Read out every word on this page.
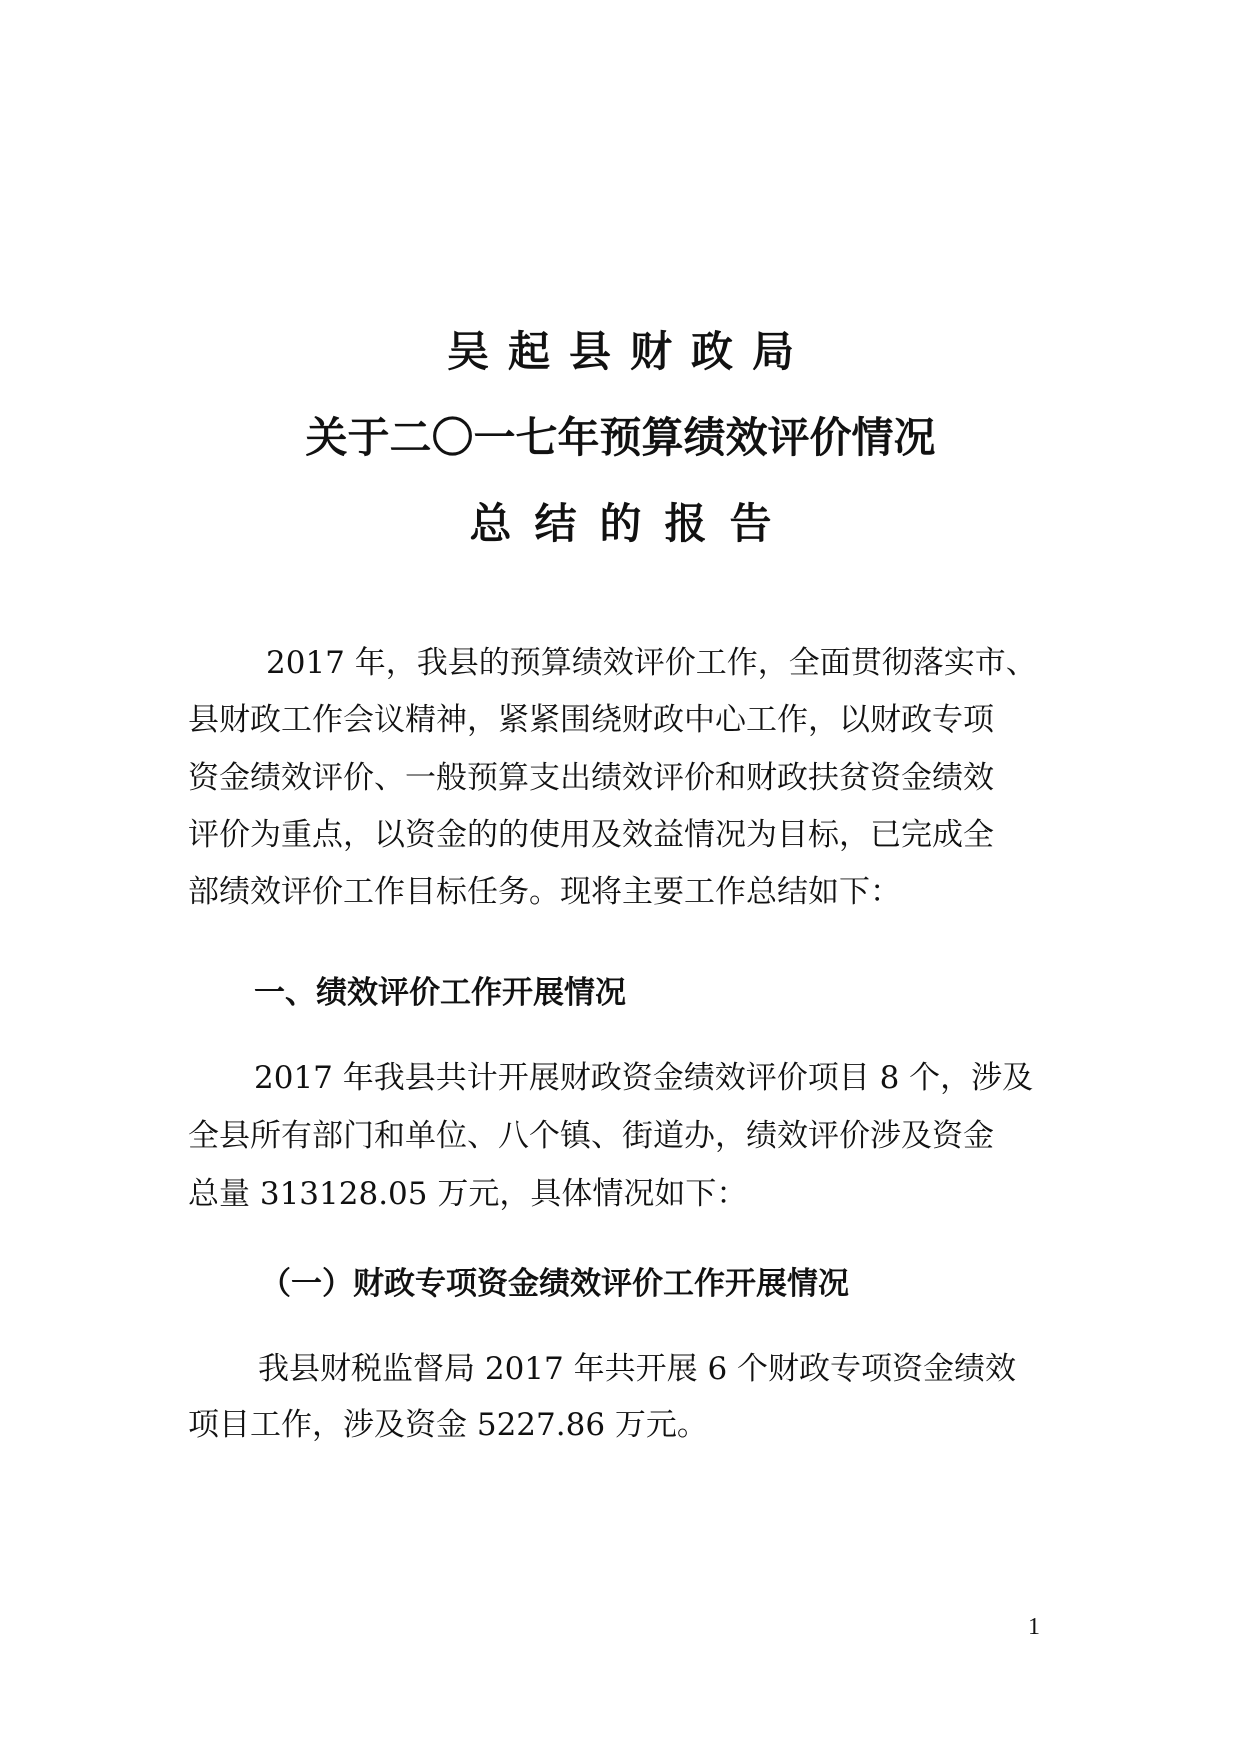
吴起县财政局
关于二〇一七年预算绩效评价情况
总结的报告
2017 年，我县的预算绩效评价工作，全面贯彻落实市、
县财政工作会议精神，紧紧围绕财政中心工作，以财政专项
资金绩效评价、一般预算支出绩效评价和财政扶贫资金绩效
评价为重点，以资金的的使用及效益情况为目标，已完成全
部绩效评价工作目标任务。现将主要工作总结如下：
一、绩效评价工作开展情况
2017 年我县共计开展财政资金绩效评价项目 8 个，涉及
全县所有部门和单位、八个镇、街道办，绩效评价涉及资金
总量 313128.05 万元，具体情况如下：
（一）财政专项资金绩效评价工作开展情况
我县财税监督局 2017 年共开展 6 个财政专项资金绩效
项目工作，涉及资金 5227.86 万元。
1
